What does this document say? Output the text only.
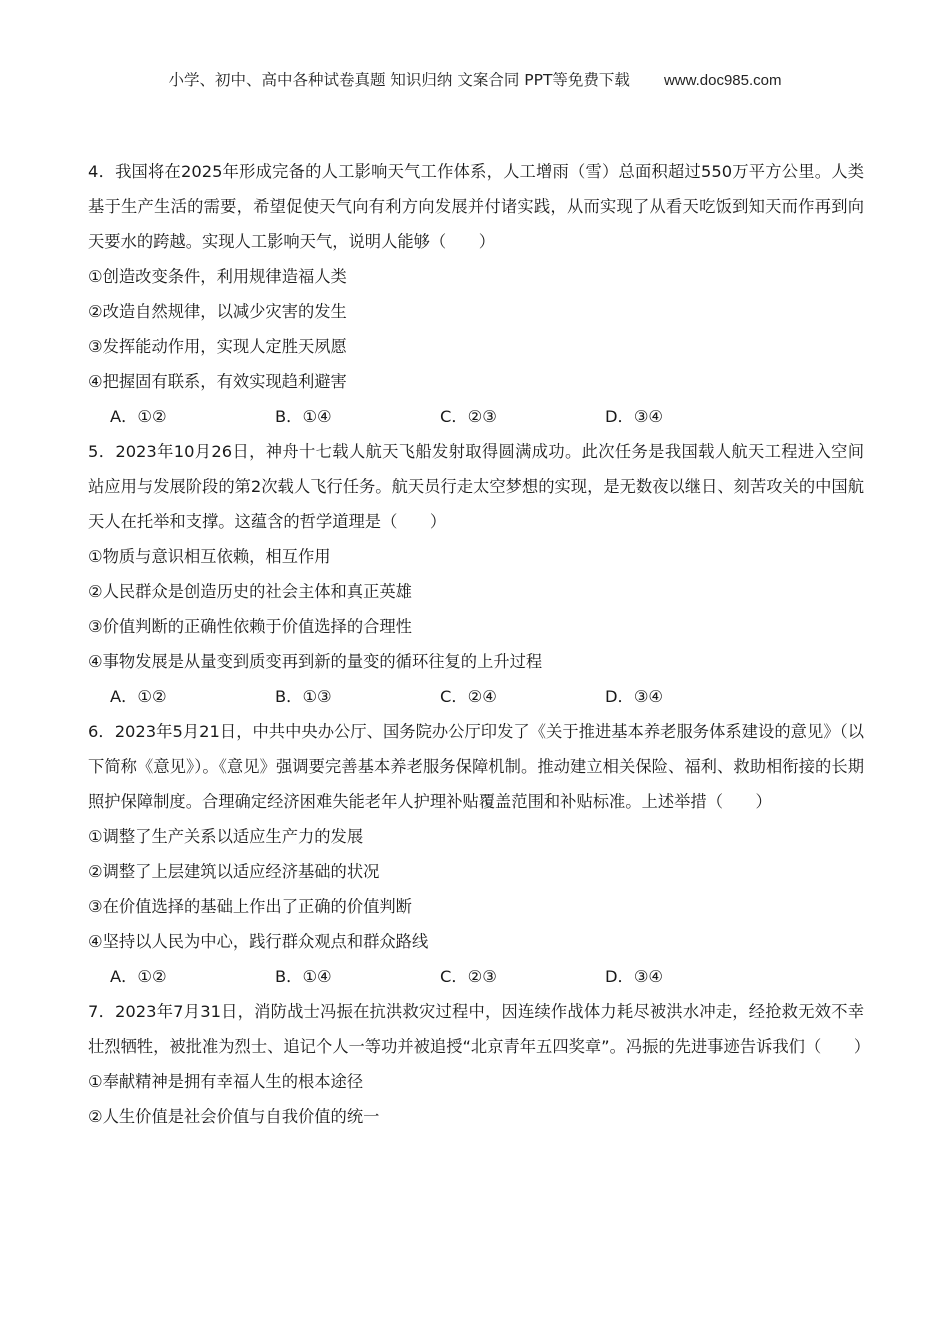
小学、初中、高中各种试卷真题 知识归纳 文案合同 PPT等免费下载 www.doc985.com

4．我国将在2025年形成完备的人工影响天气工作体系，人工增雨（雪）总面积超过550万平方公里。人类基于生产生活的需要，希望促使天气向有利方向发展并付诸实践，从而实现了从看天吃饭到知天而作再到向天要水的跨越。实现人工影响天气，说明人能够（　　）

①创造改变条件，利用规律造福人类

②改造自然规律，以减少灾害的发生

③发挥能动作用，实现人定胜天夙愿

④把握固有联系，有效实现趋利避害

A．①②	B．①④	C．②③	D．③④

5．2023年10月26日，神舟十七载人航天飞船发射取得圆满成功。此次任务是我国载人航天工程进入空间站应用与发展阶段的第2次载人飞行任务。航天员行走太空梦想的实现，是无数夜以继日、刻苦攻关的中国航天人在托举和支撑。这蕴含的哲学道理是（　　）

①物质与意识相互依赖，相互作用

②人民群众是创造历史的社会主体和真正英雄

③价值判断的正确性依赖于价值选择的合理性

④事物发展是从量变到质变再到新的量变的循环往复的上升过程

A．①②	B．①③	C．②④	D．③④

6．2023年5月21日，中共中央办公厅、国务院办公厅印发了《关于推进基本养老服务体系建设的意见》（以下简称《意见》）。《意见》强调要完善基本养老服务保障机制。推动建立相关保险、福利、救助相衔接的长期照护保障制度。合理确定经济困难失能老年人护理补贴覆盖范围和补贴标准。上述举措（　　）

①调整了生产关系以适应生产力的发展

②调整了上层建筑以适应经济基础的状况

③在价值选择的基础上作出了正确的价值判断

④坚持以人民为中心，践行群众观点和群众路线

A．①②	B．①④	C．②③	D．③④

7．2023年7月31日，消防战士冯振在抗洪救灾过程中，因连续作战体力耗尽被洪水冲走，经抢救无效不幸壮烈牺牲，被批准为烈士、追记个人一等功并被追授“北京青年五四奖章”。冯振的先进事迹告诉我们（　　）

①奉献精神是拥有幸福人生的根本途径

②人生价值是社会价值与自我价值的统一
